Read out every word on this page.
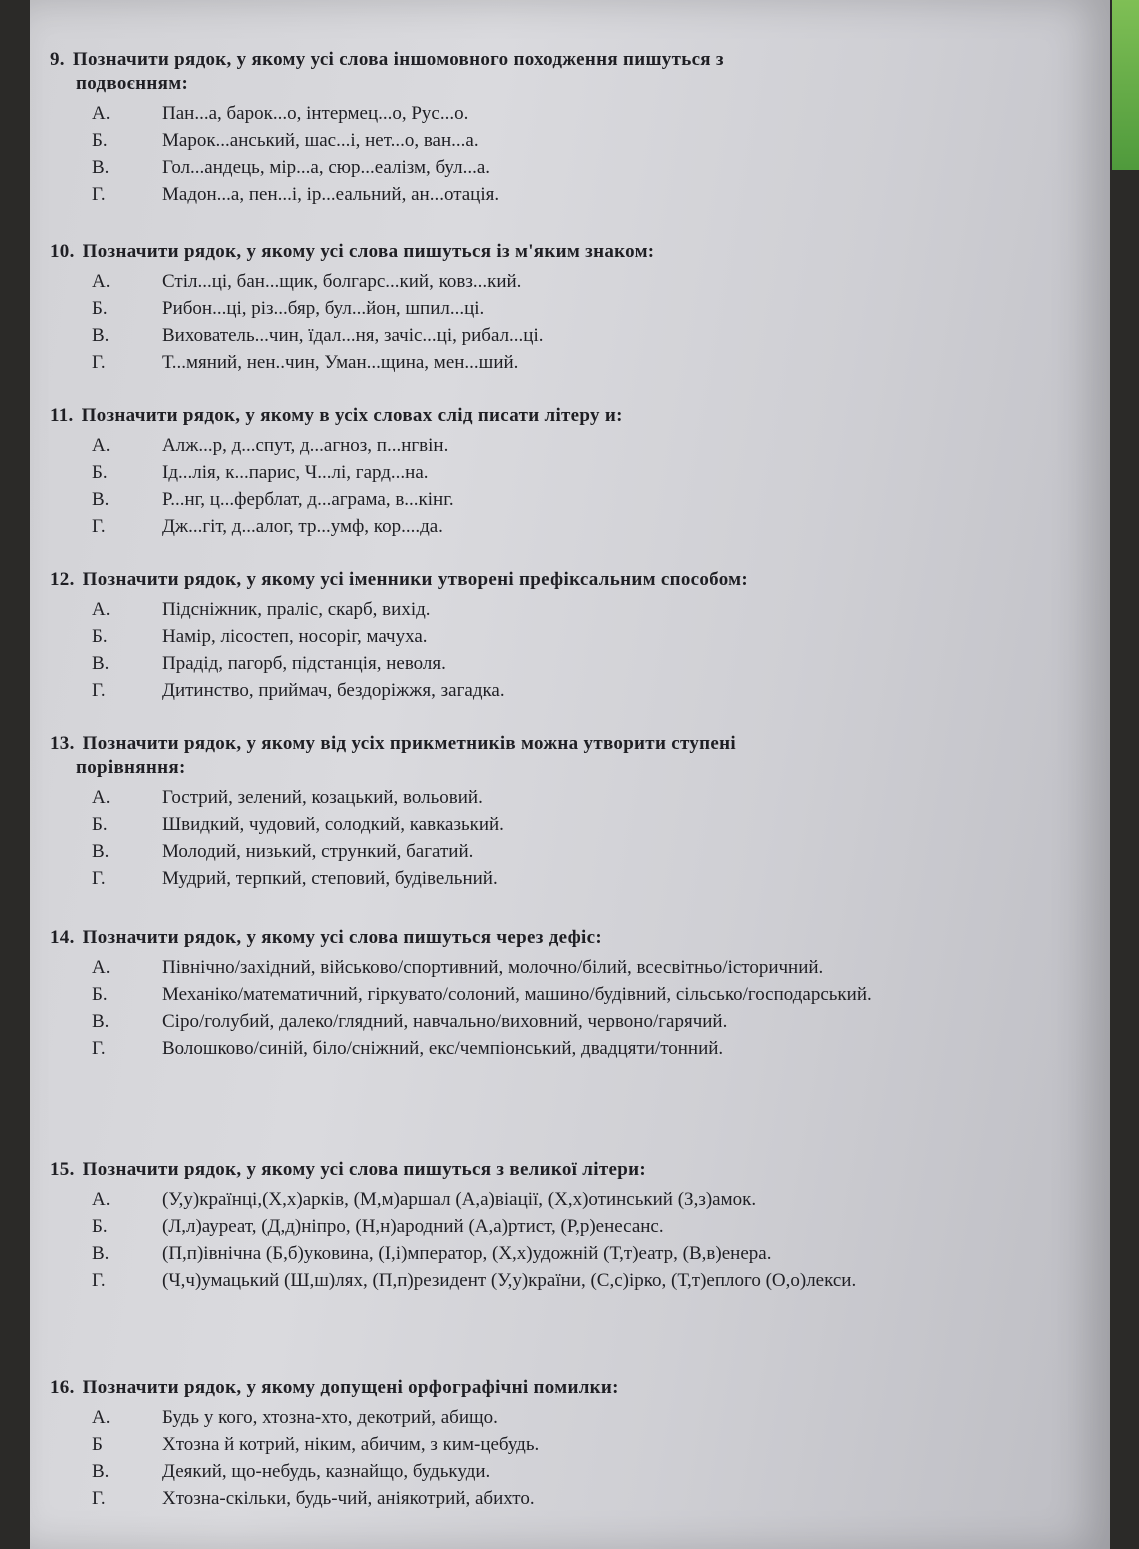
9. Позначити рядок, у якому усі слова іншомовного походження пишуться з
подвоєнням:
А.	Пан...а, барок...о, інтермец...о, Рус...о.
Б.	Марок...анський, шас...і, нет...о, ван...а.
В.	Гол...андець, мір...а, сюр...еалізм, бул...а.
Г.	Мадон...а, пен...і, ір...еальний, ан...отація.
10. Позначити рядок, у якому усі слова пишуться із м'яким знаком:
А.	Стіл...ці, бан...щик, болгарс...кий, ковз...кий.
Б.	Рибон...ці, різ...бяр, бул...йон, шпил...ці.
В.	Вихователь...чин, їдал...ня, зачіс...ці, рибал...ці.
Г.	Т...мяний, нен..чин, Уман...щина, мен...ший.
11. Позначити рядок, у якому в усіх словах слід писати літеру и:
А.	Алж...р, д...спут, д...агноз, п...нгвін.
Б.	Ід...лія, к...парис, Ч...лі, гард...на.
В.	Р...нг, ц...ферблат, д...аграма, в...кінг.
Г.	Дж...гіт, д...алог, тр...умф, кор....да.
12. Позначити рядок, у якому усі іменники утворені префіксальним способом:
А.	Підсніжник, праліс, скарб, вихід.
Б.	Намір, лісостеп, носоріг, мачуха.
В.	Прадід, пагорб, підстанція, неволя.
Г.	Дитинство, приймач, бездоріжжя, загадка.
13. Позначити рядок, у якому від усіх прикметників можна утворити ступені
порівняння:
А.	Гострий, зелений, козацький, вольовий.
Б.	Швидкий, чудовий, солодкий, кавказький.
В.	Молодий, низький, стрункий, багатий.
Г.	Мудрий, терпкий, степовий, будівельний.
14. Позначити рядок, у якому усі слова пишуться через дефіс:
А.	Північно/західний, військово/спортивний, молочно/білий, всесвітньо/історичний.
Б.	Механіко/математичний, гіркувато/солоний, машино/будівний, сільсько/господарський.
В.	Сіро/голубий, далеко/глядний, навчально/виховний, червоно/гарячий.
Г.	Волошково/синій, біло/сніжний, екс/чемпіонський, двадцяти/тонний.
15. Позначити рядок, у якому усі слова пишуться з великої літери:
А.	(У,у)країнці,(Х,х)арків, (М,м)аршал (А,а)віації, (Х,х)отинський (З,з)амок.
Б.	(Л,л)ауреат, (Д,д)ніпро, (Н,н)ародний (А,а)ртист, (Р,р)енесанс.
В.	(П,п)івнічна (Б,б)уковина, (І,і)мператор, (Х,х)удожній (Т,т)еатр, (В,в)енера.
Г.	(Ч,ч)умацький (Ш,ш)лях, (П,п)резидент (У,у)країни, (С,с)ірко, (Т,т)еплого (О,о)лекси.
16. Позначити рядок, у якому допущені орфографічні помилки:
А.	Будь у кого, хтозна-хто, декотрий, абищо.
Б	Хтозна й котрий, ніким, абичим, з ким-цебудь.
В.	Деякий, що-небудь, казнайщо, будькуди.
Г.	Хтозна-скільки, будь-чий, аніякотрий, абихто.
